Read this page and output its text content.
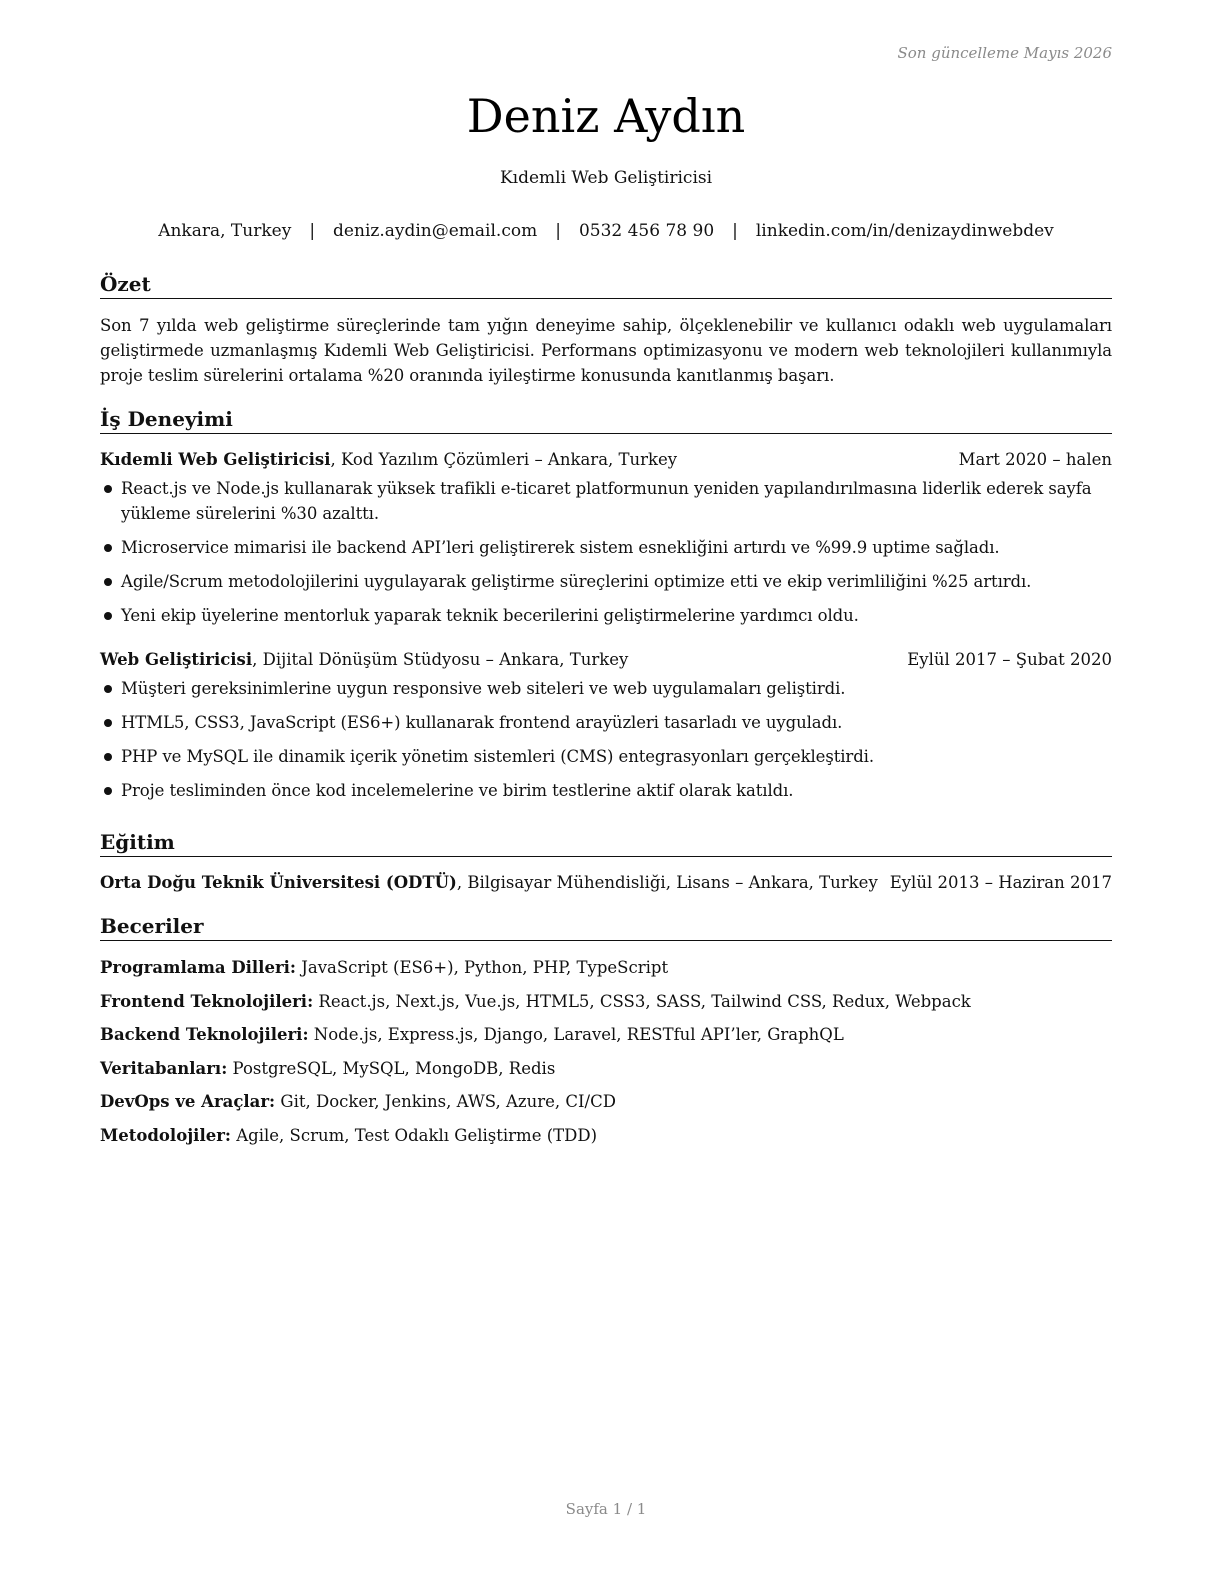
Son güncelleme Mayıs 2026
Deniz Aydın
Kıdemli Web Geliştiricisi
Ankara, Turkey | deniz.aydin@email.com | 0532 456 78 90 | linkedin.com/in/denizaydinwebdev
Özet
Son 7 yılda web geliştirme süreçlerinde tam yığın deneyime sahip, ölçeklenebilir ve kullanıcı odaklı web uygulamaları geliştirmede uzmanlaşmış Kıdemli Web Geliştiricisi. Performans optimizasyonu ve modern web teknolojileri kullanımıyla proje teslim sürelerini ortalama %20 oranında iyileştirme konusunda kanıtlanmış başarı.
İş Deneyimi
Kıdemli Web Geliştiricisi, Kod Yazılım Çözümleri – Ankara, Turkey	Mart 2020 – halen
React.js ve Node.js kullanarak yüksek trafikli e-ticaret platformunun yeniden yapılandırılmasına liderlik ederek sayfa yükleme sürelerini %30 azalttı.
Microservice mimarisi ile backend API’leri geliştirerek sistem esnekliğini artırdı ve %99.9 uptime sağladı.
Agile/Scrum metodolojilerini uygulayarak geliştirme süreçlerini optimize etti ve ekip verimliliğini %25 artırdı.
Yeni ekip üyelerine mentorluk yaparak teknik becerilerini geliştirmelerine yardımcı oldu.
Web Geliştiricisi, Dijital Dönüşüm Stüdyosu – Ankara, Turkey	Eylül 2017 – Şubat 2020
Müşteri gereksinimlerine uygun responsive web siteleri ve web uygulamaları geliştirdi.
HTML5, CSS3, JavaScript (ES6+) kullanarak frontend arayüzleri tasarladı ve uyguladı.
PHP ve MySQL ile dinamik içerik yönetim sistemleri (CMS) entegrasyonları gerçekleştirdi.
Proje tesliminden önce kod incelemelerine ve birim testlerine aktif olarak katıldı.
Eğitim
Orta Doğu Teknik Üniversitesi (ODTÜ), Bilgisayar Mühendisliği, Lisans – Ankara, Turkey Eylül 2013 – Haziran 2017
Beceriler
Programlama Dilleri: JavaScript (ES6+), Python, PHP, TypeScript
Frontend Teknolojileri: React.js, Next.js, Vue.js, HTML5, CSS3, SASS, Tailwind CSS, Redux, Webpack
Backend Teknolojileri: Node.js, Express.js, Django, Laravel, RESTful API’ler, GraphQL
Veritabanları: PostgreSQL, MySQL, MongoDB, Redis
DevOps ve Araçlar: Git, Docker, Jenkins, AWS, Azure, CI/CD
Metodolojiler: Agile, Scrum, Test Odaklı Geliştirme (TDD)
Sayfa 1 / 1
